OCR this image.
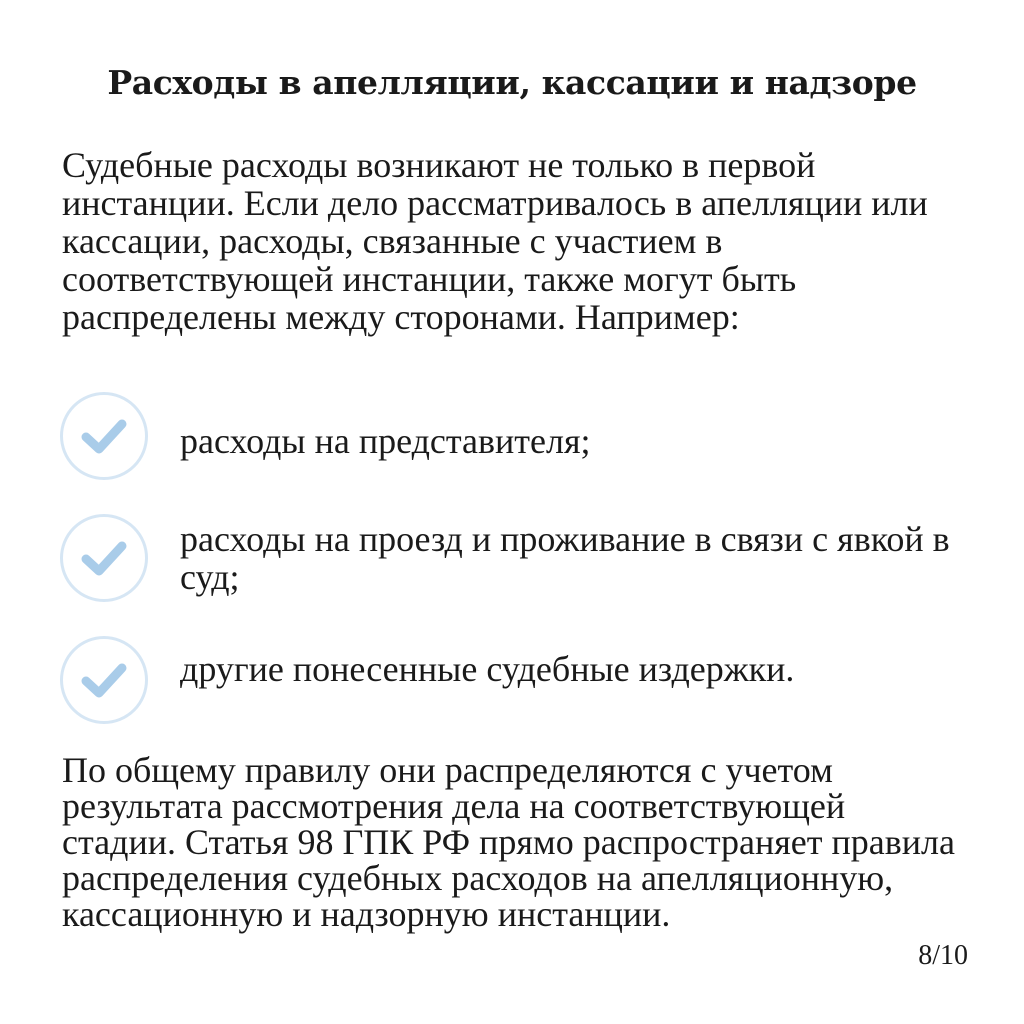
Расходы в апелляции, кассации и надзоре

Судебные расходы возникают не только в первой инстанции. Если дело рассматривалось в апелляции или кассации, расходы, связанные с участием в соответствующей инстанции, также могут быть распределены между сторонами. Например:

расходы на представителя;
расходы на проезд и проживание в связи с явкой в суд;
другие понесенные судебные издержки.

По общему правилу они распределяются с учетом результата рассмотрения дела на соответствующей стадии. Статья 98 ГПК РФ прямо распространяет правила распределения судебных расходов на апелляционную, кассационную и надзорную инстанции.

8/10
